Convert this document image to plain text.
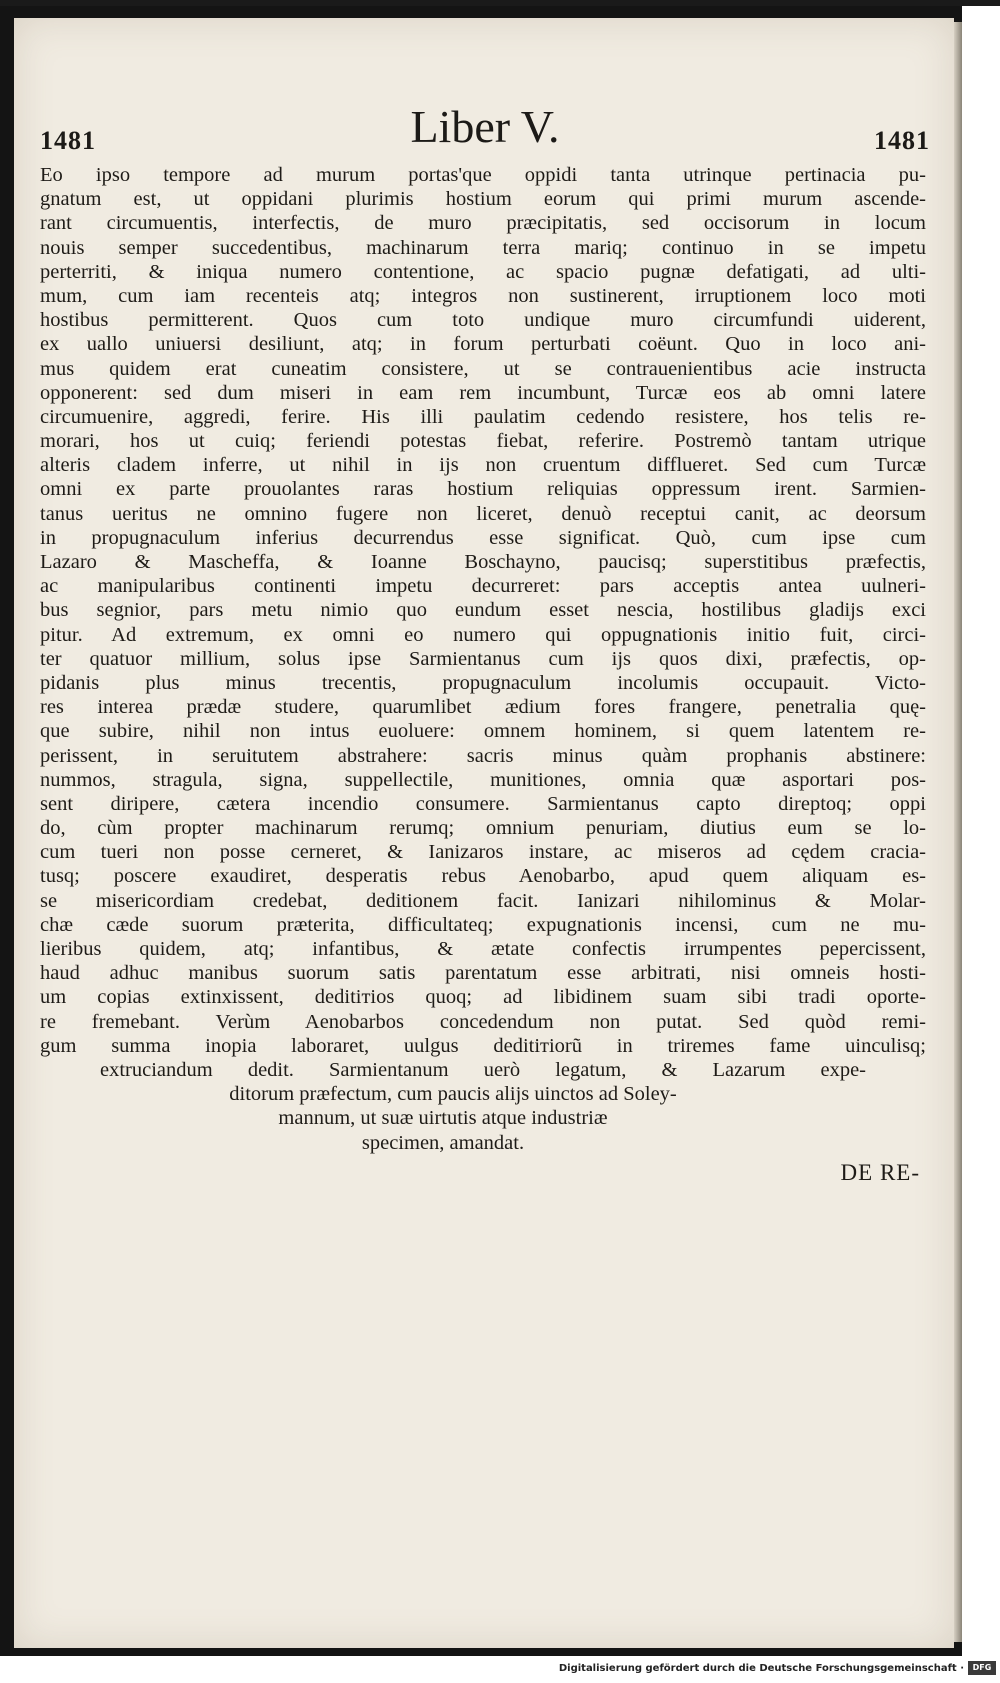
1481	Liber V.	1481
Eo ipso tempore ad murum portas'que oppidi tanta utrinque pertinacia pu-
gnatum est, ut oppidani plurimis hostium eorum qui primi murum ascende-
rant circumuentis, interfectis, de muro præcipitatis, sed occisorum in locum
nouis semper succedentibus, machinarum terra mariq; continuo in se impetu
perterriti, & iniqua numero contentione, ac spacio pugnæ defatigati, ad ulti-
mum, cum iam recenteis atq; integros non sustinerent, irruptionem loco moti
hostibus permitterent. Quos cum toto undique muro circumfundi uiderent,
ex uallo uniuersi desiliunt, atq; in forum perturbati coëunt. Quo in loco ani-
mus quidem erat cuneatim consistere, ut se contrauenientibus acie instructa
opponerent: sed dum miseri in eam rem incumbunt, Turcæ eos ab omni latere
circumuenire, aggredi, ferire. His illi paulatim cedendo resistere, hos telis re-
morari, hos ut cuiq; feriendi potestas fiebat, referire. Postremò tantam utrique
alteris cladem inferre, ut nihil in ijs non cruentum difflueret. Sed cum Turcæ
omni ex parte prouolantes raras hostium reliquias oppressum irent. Sarmien-
tanus ueritus ne omnino fugere non liceret, denuò receptui canit, ac deorsum
in propugnaculum inferius decurrendus esse significat. Quò, cum ipse cum
Lazaro & Mascheffa, & Ioanne Boschayno, paucisq; superstitibus præfectis,
ac manipularibus continenti impetu decurreret: pars acceptis antea uulneri-
bus segnior, pars metu nimio quo eundum esset nescia, hostilibus gladijs exci
pitur. Ad extremum, ex omni eo numero qui oppugnationis initio fuit, circi-
ter quatuor millium, solus ipse Sarmientanus cum ijs quos dixi, præfectis, op-
pidanis plus minus trecentis, propugnaculum incolumis occupauit. Victo-
res interea prædæ studere, quarumlibet ædium fores frangere, penetralia quę-
que subire, nihil non intus euoluere: omnem hominem, si quem latentem re-
perissent, in seruitutem abstrahere: sacris minus quàm prophanis abstinere:
nummos, stragula, signa, suppellectile, munitiones, omnia quæ asportari pos-
sent diripere, cætera incendio consumere. Sarmientanus capto direptoq; oppi
do, cùm propter machinarum rerumq; omnium penuriam, diutius eum se lo-
cum tueri non posse cerneret, & Ianizaros instare, ac miseros ad cędem craciа-
tusq; poscere exaudiret, desperatis rebus Aenobarbo, apud quem aliquam es-
se misericordiam credebat, deditionem facit. Ianizari nihilominus & Molar-
chæ cæde suorum præterita, difficultateq; expugnationis incensi, cum ne mu-
lieribus quidem, atq; infantibus, & ætate confectis irrumpentes pepercissent,
haud adhuc manibus suorum satis parentatum esse arbitrati, nisi omneis hosti-
um copias extinxissent, deditiтios quoq; ad libidinem suam sibi tradi oporte-
re fremebant. Verùm Aenobarbos concedendum non putat. Sed quòd remi-
gum summa inopia laboraret, uulgus deditiтiorũ in triremes fame uinculisq;
extruciandum dedit. Sarmientanum uerò legatum, & Lazarum expe-
ditorum præfectum, cum paucis alijs uinctos ad Soley-
mannum, ut suæ uirtutis atque industriæ
specimen, amandat.
DE RE-
Digitalisierung gefördert durch die Deutsche Forschungsgemeinschaft ·	DFG
